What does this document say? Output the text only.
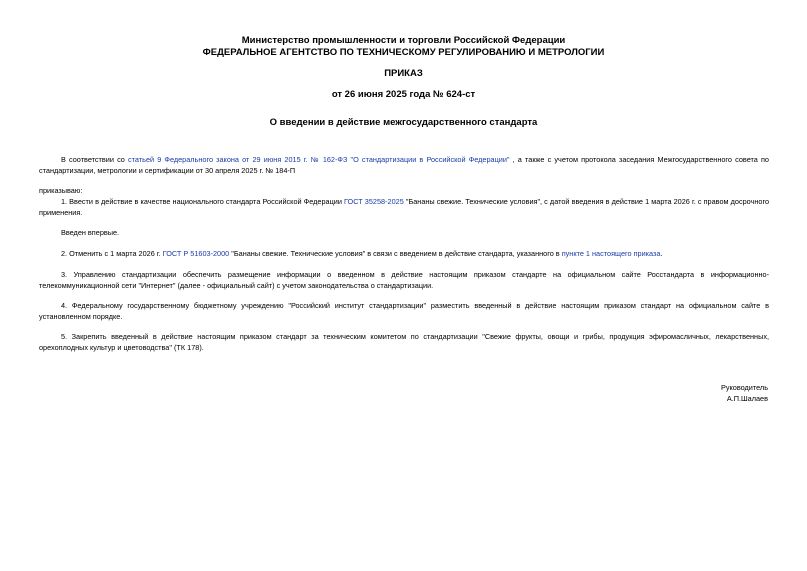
Министерство промышленности и торговли Российской Федерации
ФЕДЕРАЛЬНОЕ АГЕНТСТВО ПО ТЕХНИЧЕСКОМУ РЕГУЛИРОВАНИЮ И МЕТРОЛОГИИ
ПРИКАЗ
от 26 июня 2025 года № 624-ст
О введении в действие межгосударственного стандарта
В соответствии со статьей 9 Федерального закона от 29 июня 2015 г. № 162-ФЗ "О стандартизации в Российской Федерации" , а также с учетом протокола заседания Межгосударственного совета по стандартизации, метрологии и сертификации от 30 апреля 2025 г. № 184-П
приказываю:
1. Ввести в действие в качестве национального стандарта Российской Федерации ГОСТ 35258-2025 "Бананы свежие. Технические условия", с датой введения в действие 1 марта 2026 г. с правом досрочного применения.
Введен впервые.
2. Отменить с 1 марта 2026 г. ГОСТ Р 51603-2000 "Бананы свежие. Технические условия" в связи с введением в действие стандарта, указанного в пункте 1 настоящего приказа.
3. Управлению стандартизации обеспечить размещение информации о введенном в действие настоящим приказом стандарте на официальном сайте Росстандарта в информационно-телекоммуникационной сети "Интернет" (далее - официальный сайт) с учетом законодательства о стандартизации.
4. Федеральному государственному бюджетному учреждению "Российский институт стандартизации" разместить введенный в действие настоящим приказом стандарт на официальном сайте в установленном порядке.
5. Закрепить введенный в действие настоящим приказом стандарт за техническим комитетом по стандартизации "Свежие фрукты, овощи и грибы, продукция эфиромасличных, лекарственных, орехоплодных культур и цветоводства" (ТК 178).
Руководитель
А.П.Шалаев
